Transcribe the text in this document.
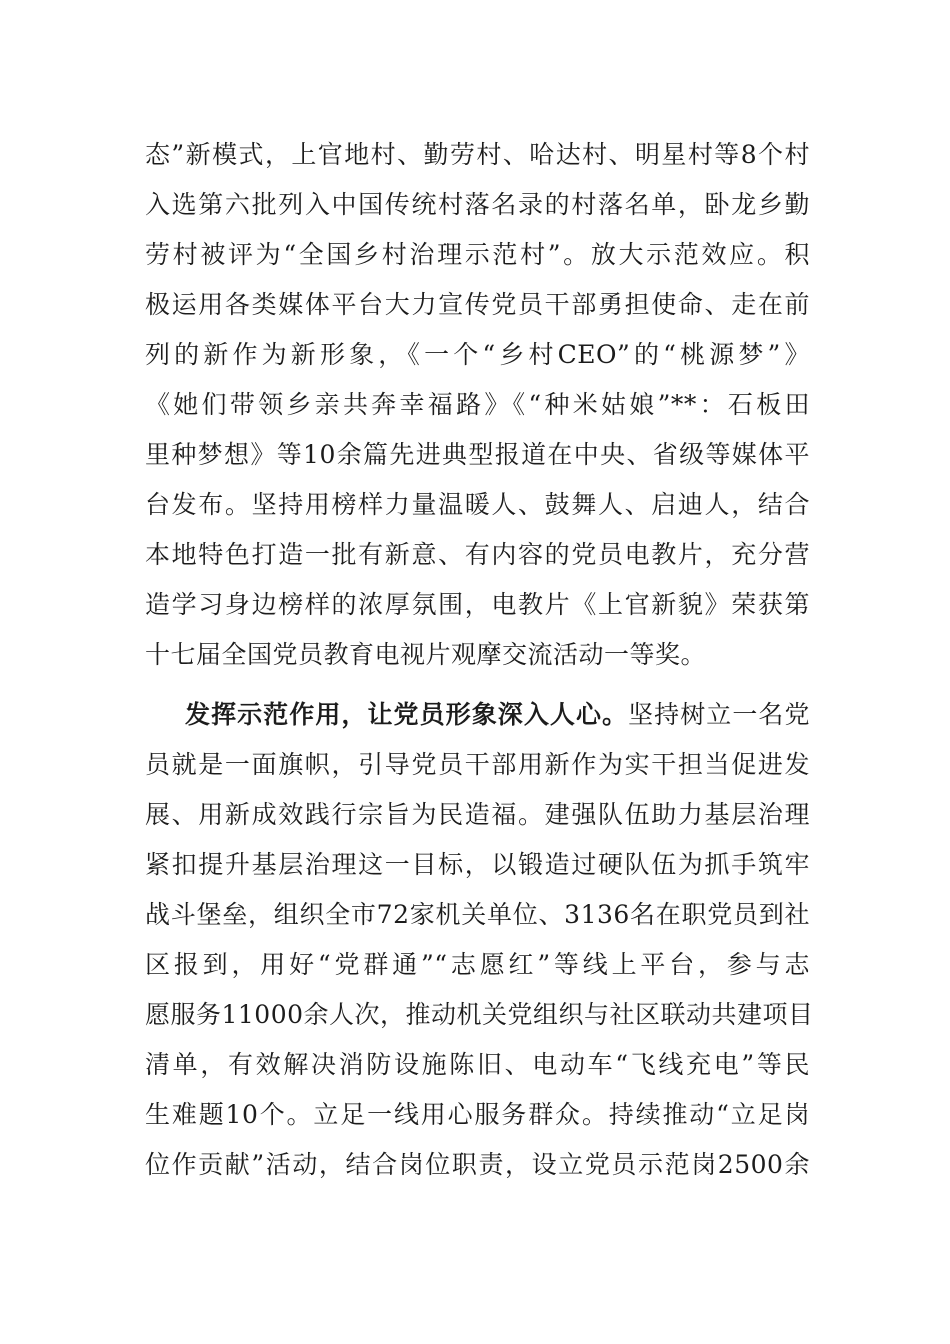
态”新模式，上官地村、勤劳村、哈达村、明星村等8个村
入选第六批列入中国传统村落名录的村落名单，卧龙乡勤
劳村被评为“全国乡村治理示范村”。放大示范效应。积
极运用各类媒体平台大力宣传党员干部勇担使命、走在前
列的新作为新形象，《一个“乡村CEO”的“桃源梦”》
《她们带领乡亲共奔幸福路》《“种米姑娘”**：石板田
里种梦想》等10余篇先进典型报道在中央、省级等媒体平
台发布。坚持用榜样力量温暖人、鼓舞人、启迪人，结合
本地特色打造一批有新意、有内容的党员电教片，充分营
造学习身边榜样的浓厚氛围，电教片《上官新貌》荣获第
十七届全国党员教育电视片观摩交流活动一等奖。
发挥示范作用，让党员形象深入人心。坚持树立一名党
员就是一面旗帜，引导党员干部用新作为实干担当促进发
展、用新成效践行宗旨为民造福。建强队伍助力基层治理
紧扣提升基层治理这一目标，以锻造过硬队伍为抓手筑牢
战斗堡垒，组织全市72家机关单位、3136名在职党员到社
区报到，用好“党群通”“志愿红”等线上平台，参与志
愿服务11000余人次，推动机关党组织与社区联动共建项目
清单，有效解决消防设施陈旧、电动车“飞线充电”等民
生难题10个。立足一线用心服务群众。持续推动“立足岗
位作贡献”活动，结合岗位职责，设立党员示范岗2500余
